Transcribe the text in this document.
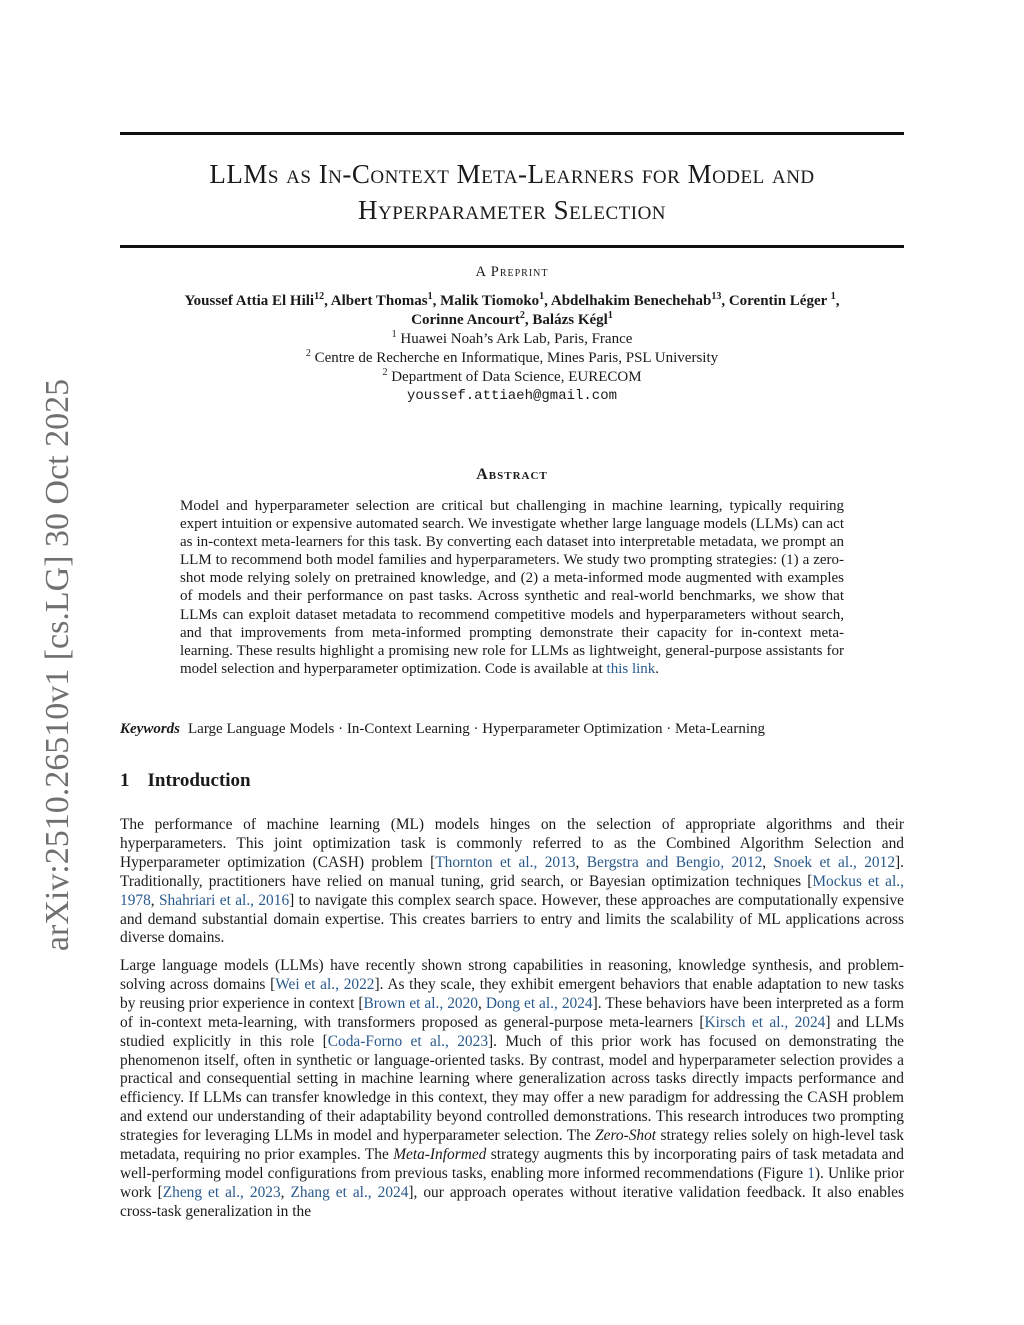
arXiv:2510.26510v1 [cs.LG] 30 Oct 2025
LLMs as In-Context Meta-Learners for Model and
Hyperparameter Selection
A Preprint
Youssef Attia El Hili$^{12}$, Albert Thomas$^1$, Malik Tiomoko$^1$, Abdelhakim Benechehab$^{13}$, Corentin Léger $^1$,
Corinne Ancourt$^2$, Balázs Kégl$^1$
$^1$ Huawei Noah’s Ark Lab, Paris, France
$^2$ Centre de Recherche en Informatique, Mines Paris, PSL University
$^2$ Department of Data Science, EURECOM
youssef.attiaeh@gmail.com
Abstract

Model and hyperparameter selection are critical but challenging in machine learning, typically requiring expert intuition or expensive automated search. We investigate whether large language models (LLMs) can act as in-context meta-learners for this task. By converting each dataset into interpretable metadata, we prompt an LLM to recommend both model families and hyperparameters. We study two prompting strategies: (1) a zero-shot mode relying solely on pretrained knowledge, and (2) a meta-informed mode augmented with examples of models and their performance on past tasks. Across synthetic and real-world benchmarks, we show that LLMs can exploit dataset metadata to recommend competitive models and hyperparameters without search, and that improvements from meta-informed prompting demonstrate their capacity for in-context meta-learning. These results highlight a promising new role for LLMs as lightweight, general-purpose assistants for model selection and hyperparameter optimization. Code is available at this link.

Keywords Large Language Models · In-Context Learning · Hyperparameter Optimization · Meta-Learning
1 Introduction

The performance of machine learning (ML) models hinges on the selection of appropriate algorithms and their hyperparameters. This joint optimization task is commonly referred to as the Combined Algorithm Selection and Hyperparameter optimization (CASH) problem [Thornton et al., 2013, Bergstra and Bengio, 2012, Snoek et al., 2012]. Traditionally, practitioners have relied on manual tuning, grid search, or Bayesian optimization techniques [Mockus et al., 1978, Shahriari et al., 2016] to navigate this complex search space. However, these approaches are computationally expensive and demand substantial domain expertise. This creates barriers to entry and limits the scalability of ML applications across diverse domains.

Large language models (LLMs) have recently shown strong capabilities in reasoning, knowledge synthesis, and problem-solving across domains [Wei et al., 2022]. As they scale, they exhibit emergent behaviors that enable adaptation to new tasks by reusing prior experience in context [Brown et al., 2020, Dong et al., 2024]. These behaviors have been interpreted as a form of in-context meta-learning, with transformers proposed as general-purpose meta-learners [Kirsch et al., 2024] and LLMs studied explicitly in this role [Coda-Forno et al., 2023]. Much of this prior work has focused on demonstrating the phenomenon itself, often in synthetic or language-oriented tasks. By contrast, model and hyperparameter selection provides a practical and consequential setting in machine learning where generalization across tasks directly impacts performance and efficiency. If LLMs can transfer knowledge in this context, they may offer a new paradigm for addressing the CASH problem and extend our understanding of their adaptability beyond controlled demonstrations. This research introduces two prompting strategies for leveraging LLMs in model and hyperparameter selection. The Zero-Shot strategy relies solely on high-level task metadata, requiring no prior examples. The Meta-Informed strategy augments this by incorporating pairs of task metadata and well-performing model configurations from previous tasks, enabling more informed recommendations (Figure 1). Unlike prior work [Zheng et al., 2023, Zhang et al., 2024], our approach operates without iterative validation feedback. It also enables cross-task generalization in the
